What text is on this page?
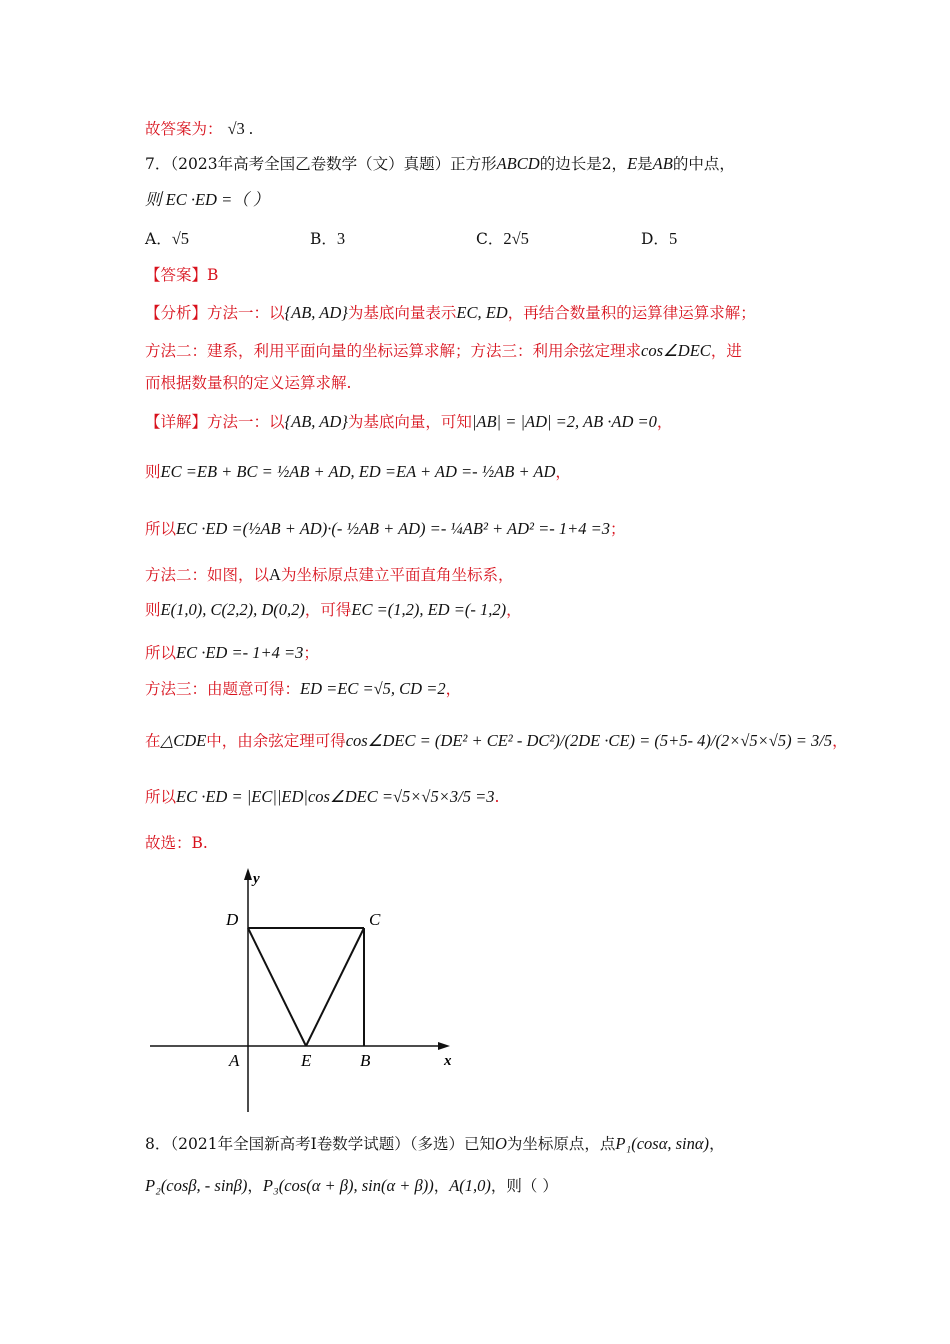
故答案为： √3 .
7．（2023年高考全国乙卷数学（文）真题）正方形ABCD的边长是2，E是AB的中点，
则 EC ·ED =（ ）
A．√5	B．3	C．2√5	D．5
【答案】B
【分析】方法一：以{AB, AD}为基底向量表示EC, ED，再结合数量积的运算律运算求解；
方法二：建系，利用平面向量的坐标运算求解；方法三：利用余弦定理求cos∠DEC，进
而根据数量积的定义运算求解.
【详解】方法一：以{AB, AD}为基底向量，可知|AB| = |AD| =2, AB ·AD =0，
则EC =EB + BC = ½AB + AD, ED =EA + AD =- ½AB + AD，
所以EC ·ED =(½AB + AD)·(- ½AB + AD) =- ¼AB² + AD² =- 1+4 =3；
方法二：如图，以A为坐标原点建立平面直角坐标系，
则E(1,0), C(2,2), D(0,2)，可得EC =(1,2), ED =(- 1,2)，
所以EC ·ED =- 1+4 =3；
方法三：由题意可得：ED =EC =√5, CD =2，
在△CDE中，由余弦定理可得cos∠DEC = (DE² + CE² - DC²)/(2DE ·CE) = (5+5- 4)/(2×√5×√5) = 3/5，
所以EC ·ED = |EC||ED|cos∠DEC =√5×√5×3/5 =3.
故选：B.
y
D	C
A	E	B	x
8．（2021年全国新高考Ⅰ卷数学试题）（多选）已知O为坐标原点，点P₁(cosα, sinα)，
P₂(cosβ, - sinβ)，P₃(cos(α + β), sin(α + β))，A(1,0)，则（ ）
